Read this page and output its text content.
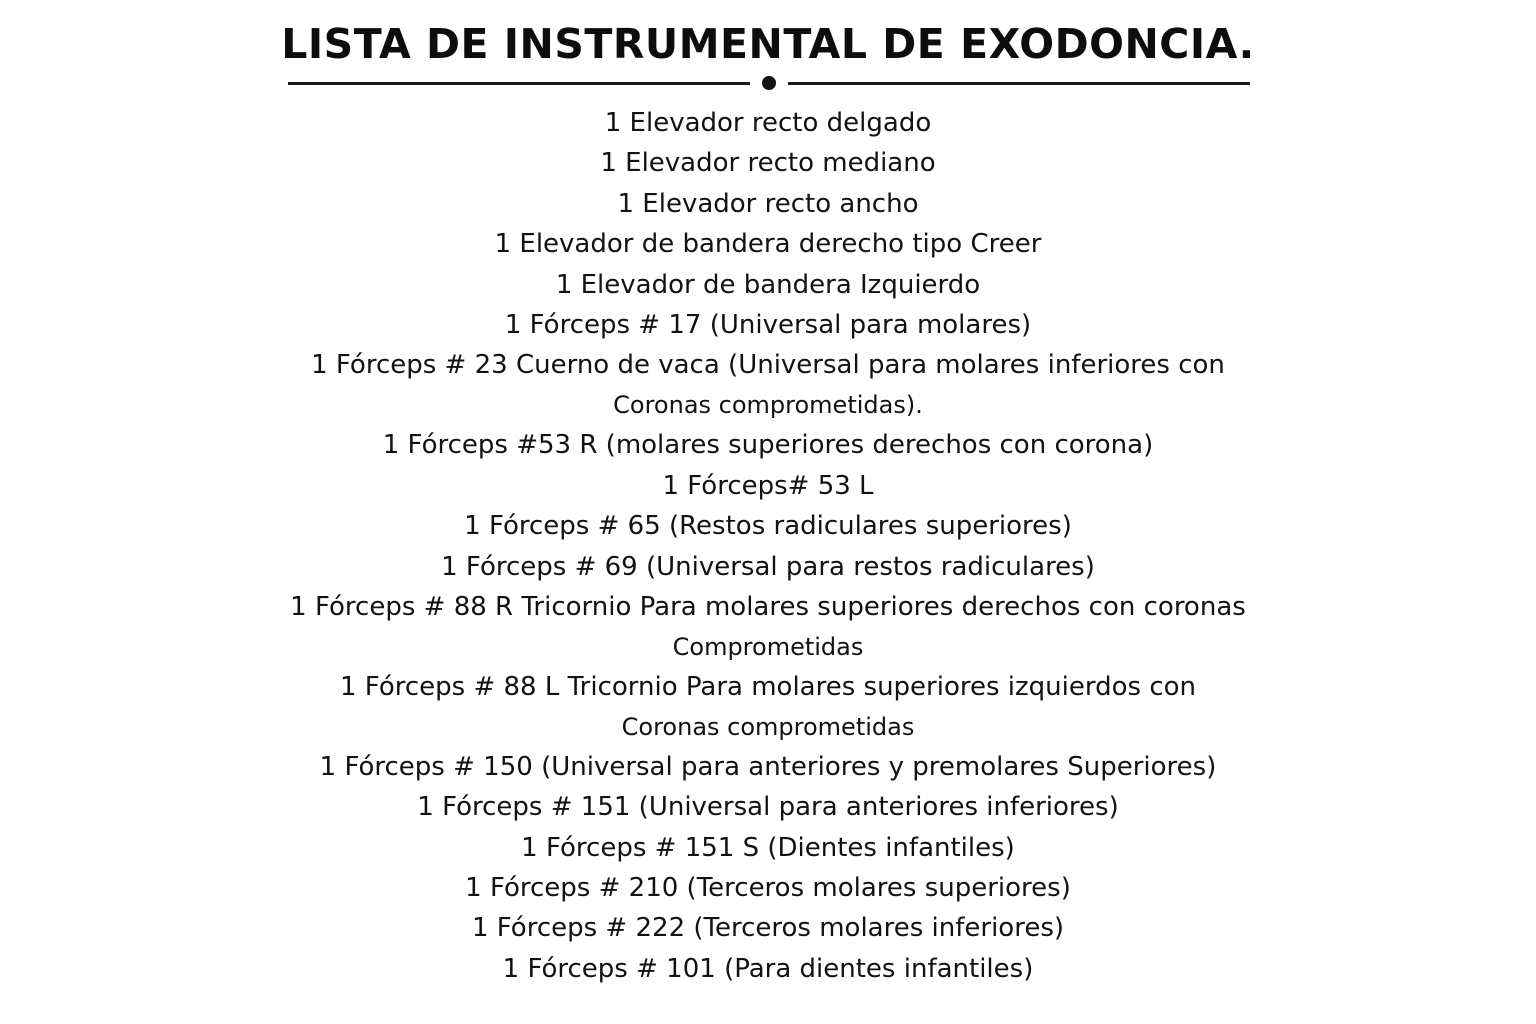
LISTA DE INSTRUMENTAL DE EXODONCIA.
1 Elevador recto delgado
1 Elevador recto mediano
1 Elevador recto ancho
1 Elevador de bandera derecho tipo Creer
1 Elevador de bandera Izquierdo
1 Fórceps # 17 (Universal para molares)
1 Fórceps # 23 Cuerno de vaca (Universal para molares inferiores con
Coronas comprometidas).
1 Fórceps #53 R (molares superiores derechos con corona)
1 Fórceps# 53 L
1 Fórceps # 65 (Restos radiculares superiores)
1 Fórceps # 69 (Universal para restos radiculares)
1 Fórceps # 88 R Tricornio Para molares superiores derechos con coronas
Comprometidas
1 Fórceps # 88 L Tricornio Para molares superiores izquierdos con
Coronas comprometidas
1 Fórceps # 150 (Universal para anteriores y premolares Superiores)
1 Fórceps # 151 (Universal para anteriores inferiores)
1 Fórceps # 151 S (Dientes infantiles)
1 Fórceps # 210 (Terceros molares superiores)
1 Fórceps # 222 (Terceros molares inferiores)
1 Fórceps # 101 (Para dientes infantiles)
